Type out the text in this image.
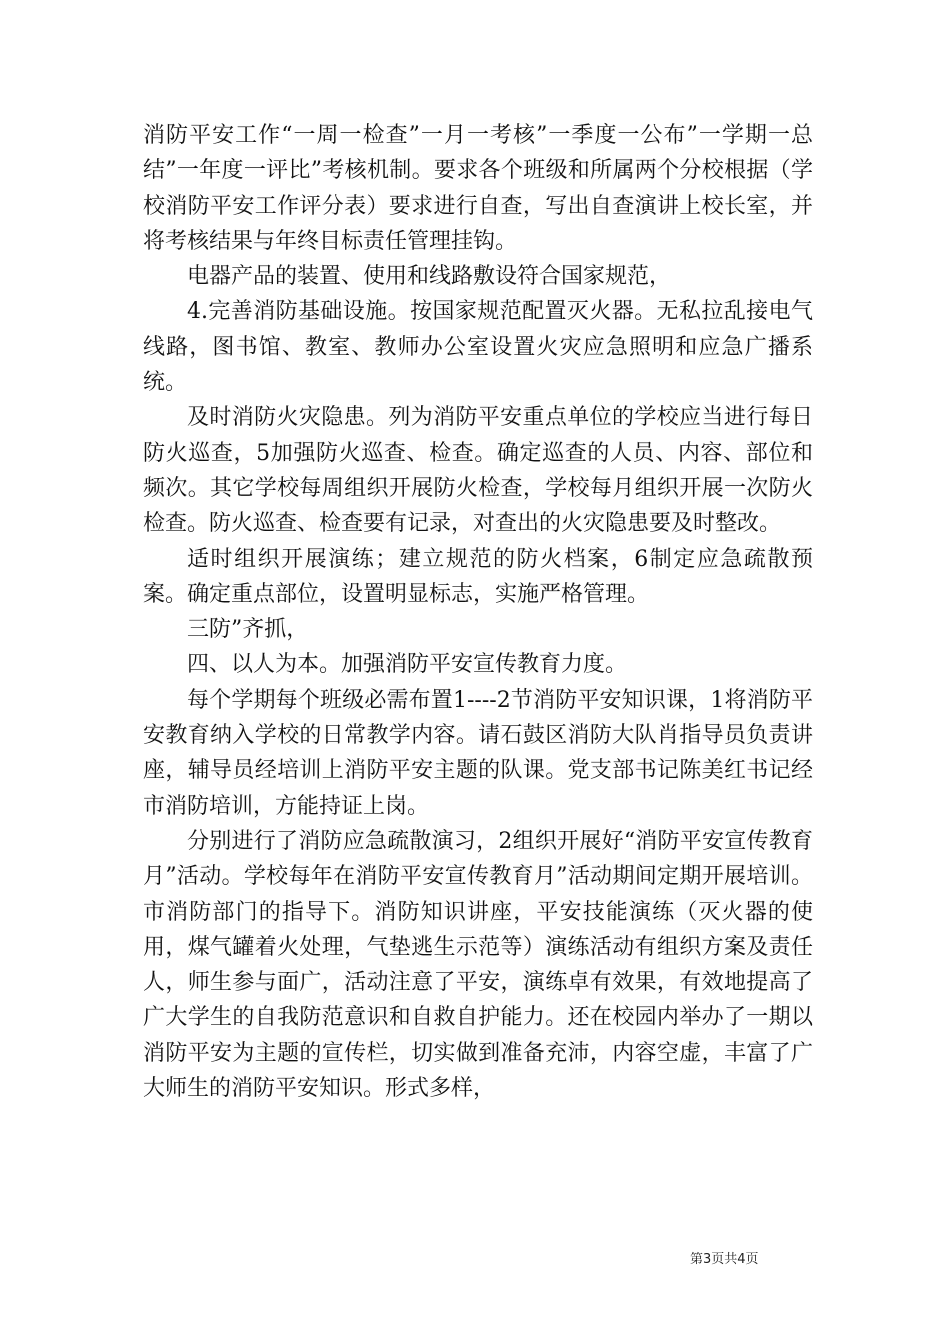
消防平安工作“一周一检查”一月一考核”一季度一公布”一学期一总结”一年度一评比”考核机制。要求各个班级和所属两个分校根据（学校消防平安工作评分表）要求进行自查，写出自查演讲上校长室，并将考核结果与年终目标责任管理挂钩。

电器产品的装置、使用和线路敷设符合国家规范，

4.完善消防基础设施。按国家规范配置灭火器。无私拉乱接电气线路，图书馆、教室、教师办公室设置火灾应急照明和应急广播系统。

及时消防火灾隐患。列为消防平安重点单位的学校应当进行每日防火巡查，5加强防火巡查、检查。确定巡查的人员、内容、部位和频次。其它学校每周组织开展防火检查，学校每月组织开展一次防火检查。防火巡查、检查要有记录，对查出的火灾隐患要及时整改。

适时组织开展演练；建立规范的防火档案，6制定应急疏散预案。确定重点部位，设置明显标志，实施严格管理。

三防”齐抓，

四、以人为本。加强消防平安宣传教育力度。

每个学期每个班级必需布置1----2节消防平安知识课，1将消防平安教育纳入学校的日常教学内容。请石鼓区消防大队肖指导员负责讲座，辅导员经培训上消防平安主题的队课。党支部书记陈美红书记经市消防培训，方能持证上岗。

分别进行了消防应急疏散演习，2组织开展好“消防平安宣传教育月”活动。学校每年在消防平安宣传教育月”活动期间定期开展培训。市消防部门的指导下。消防知识讲座，平安技能演练（灭火器的使用，煤气罐着火处理，气垫逃生示范等）演练活动有组织方案及责任人，师生参与面广，活动注意了平安，演练卓有效果，有效地提高了广大学生的自我防范意识和自救自护能力。还在校园内举办了一期以消防平安为主题的宣传栏，切实做到准备充沛，内容空虚，丰富了广大师生的消防平安知识。形式多样，

第3页共4页
